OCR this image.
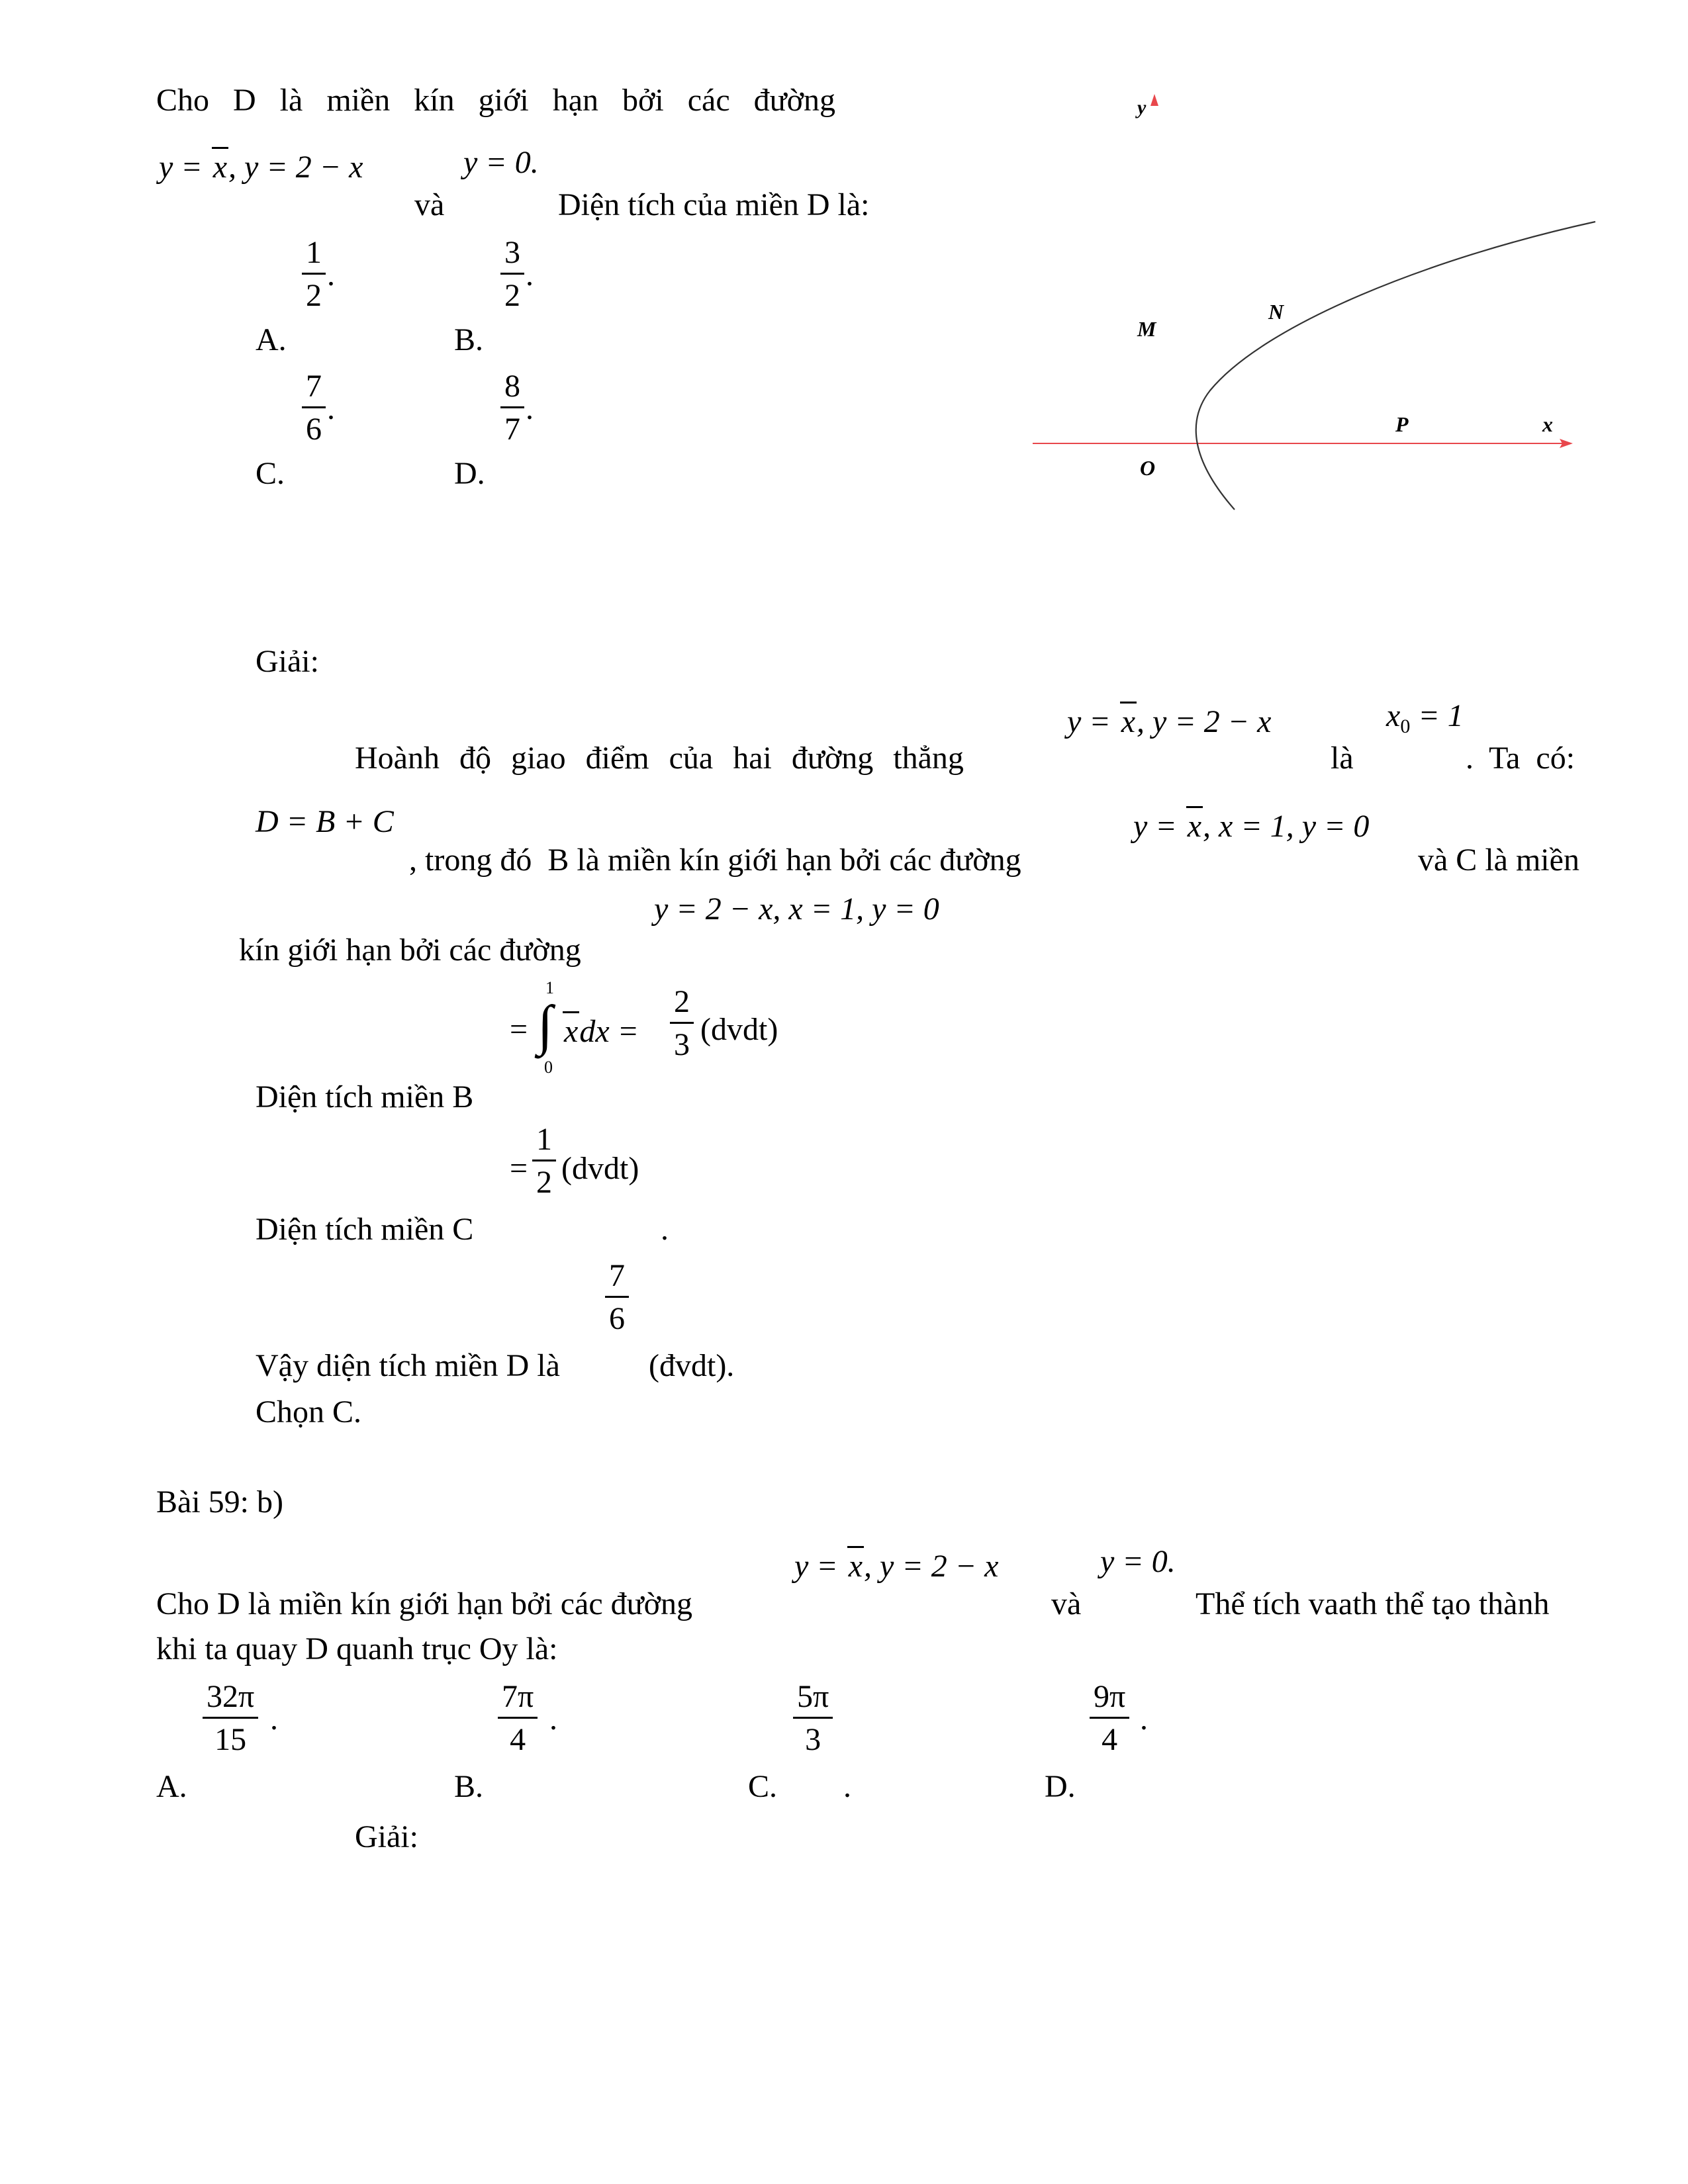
Cho D là miền kín giới hạn bởi các đường
y = x, y = 2 − x	y = 0.
và	Diện tích của miền D là:
1
2
.
A.
3
2
.
B.
7
6
.
C.
8
7
.
D.
y
M
N
P	x
O
Giải:
y = x, y = 2 − x	$x_0 = 1$
Hoành độ giao điểm của hai đường thẳng	là	. Ta có:
D = B + C	y = x, x = 1, y = 0
, trong đó  B là miền kín giới hạn bởi các đường	và C là miền
y = 2 − x, x = 1, y = 0
kín giới hạn bởi các đường
=
1
∫
0
xdx =
2
3 (dvdt)
Diện tích miền B
=
1
2 (dvdt)
Diện tích miền C	.
7
6
Vậy diện tích miền D là	(đvdt).
Chọn C.
Bài 59: b)
y = x, y = 2 − x	y = 0.
Cho D là miền kín giới hạn bởi các đường	và	Thể tích vaath thể tạo thành
khi ta quay D quanh trục Oy là:
32π
15
.
A.
7π
4
.
B.
5π
3
C. .
9π
4
.
D.
Giải:
